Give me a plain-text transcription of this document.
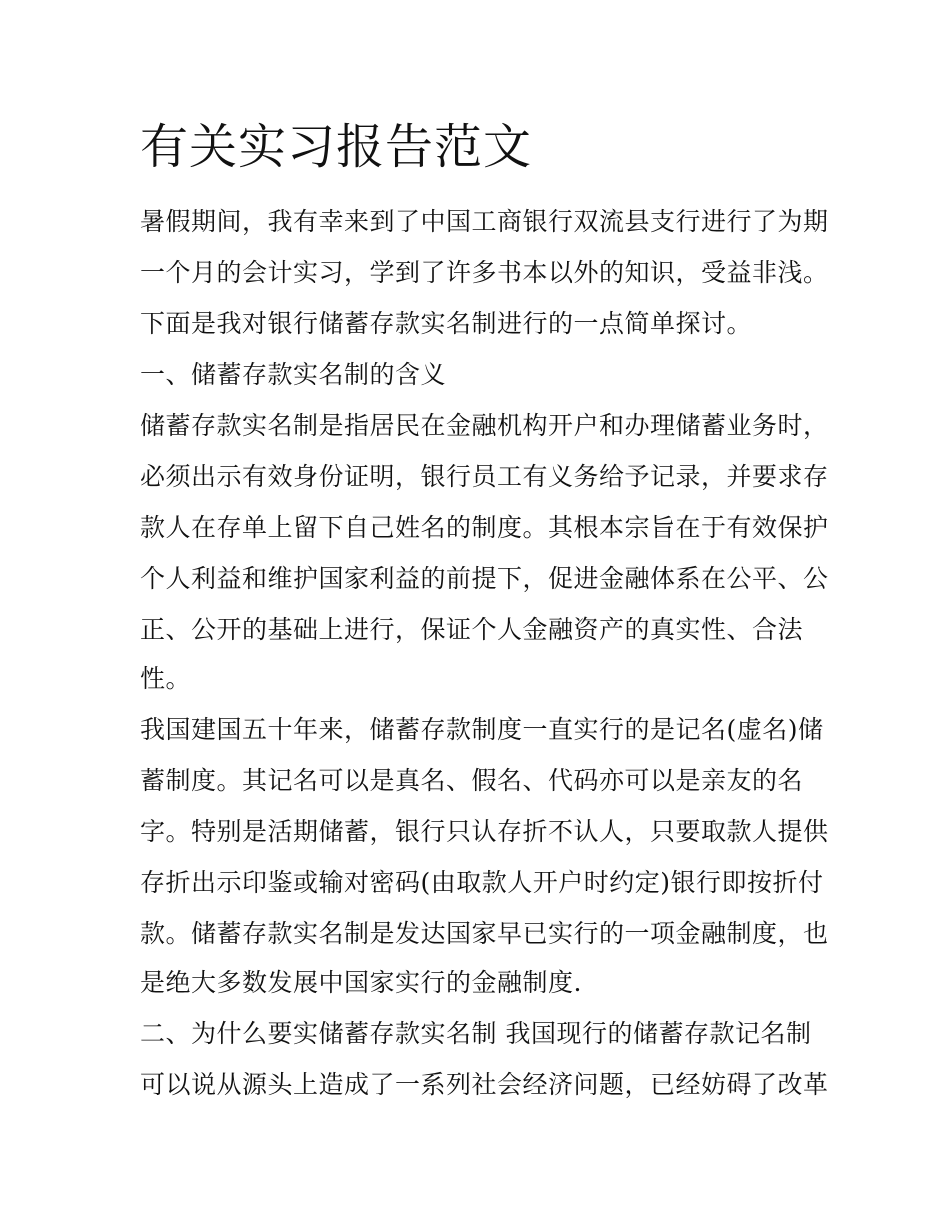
有关实习报告范文
暑假期间，我有幸来到了中国工商银行双流县支行进行了为期
一个月的会计实习，学到了许多书本以外的知识，受益非浅。
下面是我对银行储蓄存款实名制进行的一点简单探讨。
一、储蓄存款实名制的含义
储蓄存款实名制是指居民在金融机构开户和办理储蓄业务时，
必须出示有效身份证明，银行员工有义务给予记录，并要求存
款人在存单上留下自己姓名的制度。其根本宗旨在于有效保护
个人利益和维护国家利益的前提下，促进金融体系在公平、公
正、公开的基础上进行，保证个人金融资产的真实性、合法
性。
我国建国五十年来，储蓄存款制度一直实行的是记名(虚名)储
蓄制度。其记名可以是真名、假名、代码亦可以是亲友的名
字。特别是活期储蓄，银行只认存折不认人，只要取款人提供
存折出示印鉴或输对密码(由取款人开户时约定)银行即按折付
款。储蓄存款实名制是发达国家早已实行的一项金融制度，也
是绝大多数发展中国家实行的金融制度.
二、为什么要实储蓄存款实名制 我国现行的储蓄存款记名制
可以说从源头上造成了一系列社会经济问题，已经妨碍了改革
